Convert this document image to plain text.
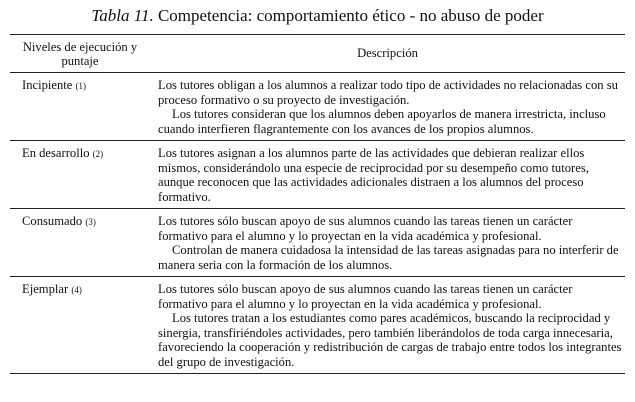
Tabla 11. Competencia: comportamiento ético - no abuso de poder
Niveles de ejecución y puntaje	Descripción
Incipiente (1)	Los tutores obligan a los alumnos a realizar todo tipo de actividades no relacionadas con su proceso formativo o su proyecto de investigación.

Los tutores consideran que los alumnos deben apoyarlos de manera irrestricta, incluso cuando interfieren flagrantemente con los avances de los propios alumnos.

En desarrollo (2)	Los tutores asignan a los alumnos parte de las actividades que debieran realizar ellos mismos, considerándolo una especie de reciprocidad por su desempeño como tutores, aunque reconocen que las actividades adicionales distraen a los alumnos del proceso formativo.

Consumado (3)	Los tutores sólo buscan apoyo de sus alumnos cuando las tareas tienen un carácter formativo para el alumno y lo proyectan en la vida académica y profesional.

Controlan de manera cuidadosa la intensidad de las tareas asignadas para no interferir de manera seria con la formación de los alumnos.

Ejemplar (4)	Los tutores sólo buscan apoyo de sus alumnos cuando las tareas tienen un carácter formativo para el alumno y lo proyectan en la vida académica y profesional.

Los tutores tratan a los estudiantes como pares académicos, buscando la reciprocidad y sinergia, transfiriéndoles actividades, pero también liberándolos de toda carga innecesaria, favoreciendo la cooperación y redistribución de cargas de trabajo entre todos los integrantes del grupo de investigación.
